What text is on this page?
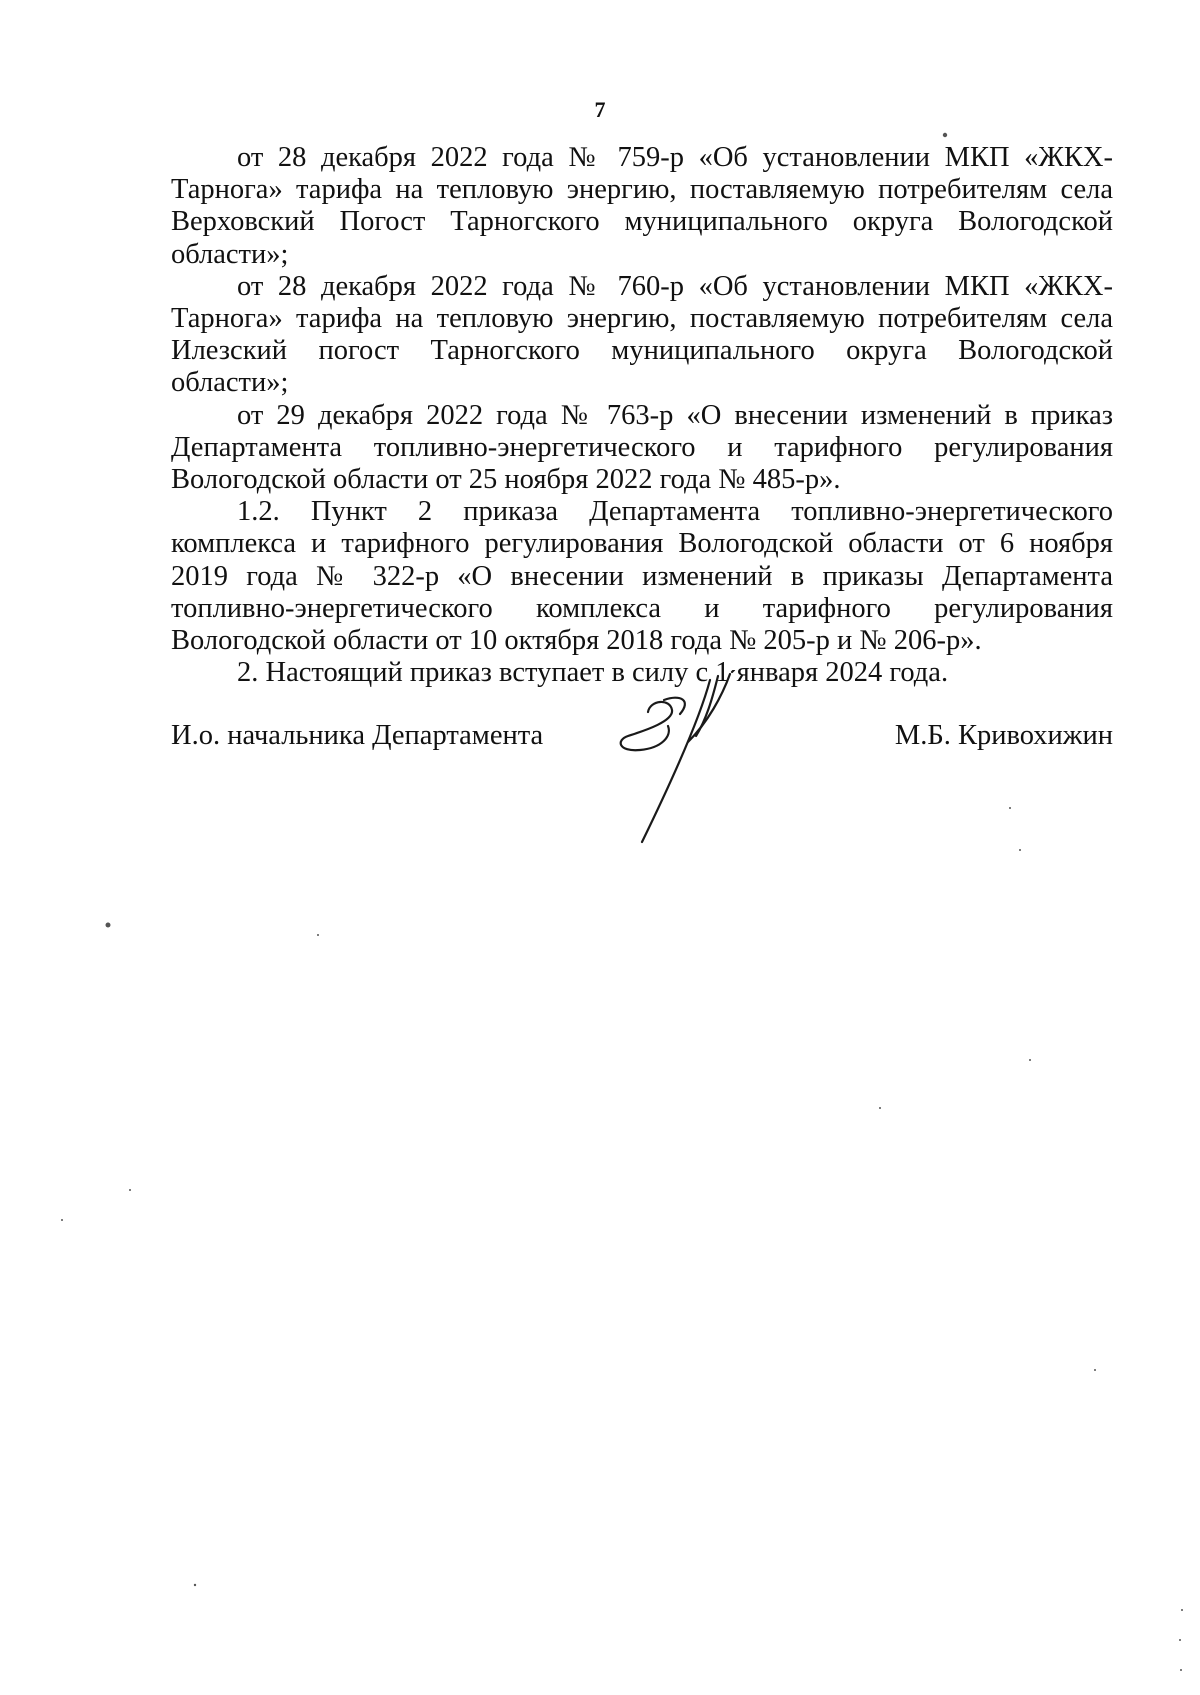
7

от 28 декабря 2022 года № 759-р «Об установлении МКП «ЖКХ-Тарнога» тарифа на тепловую энергию, поставляемую потребителям села Верховский Погост Тарногского муниципального округа Вологодской области»;

от 28 декабря 2022 года № 760-р «Об установлении МКП «ЖКХ-Тарнога» тарифа на тепловую энергию, поставляемую потребителям села Илезский погост Тарногского муниципального округа Вологодской области»;

от 29 декабря 2022 года № 763-р «О внесении изменений в приказ Департамента топливно-энергетического и тарифного регулирования Вологодской области от 25 ноября 2022 года № 485-р».

1.2. Пункт 2 приказа Департамента топливно-энергетического комплекса и тарифного регулирования Вологодской области от 6 ноября 2019 года № 322-р «О внесении изменений в приказы Департамента топливно-энергетического комплекса и тарифного регулирования Вологодской области от 10 октября 2018 года № 205-р и № 206-р».

2. Настоящий приказ вступает в силу с 1 января 2024 года.

И.о. начальника Департамента	М.Б. Кривохижин
